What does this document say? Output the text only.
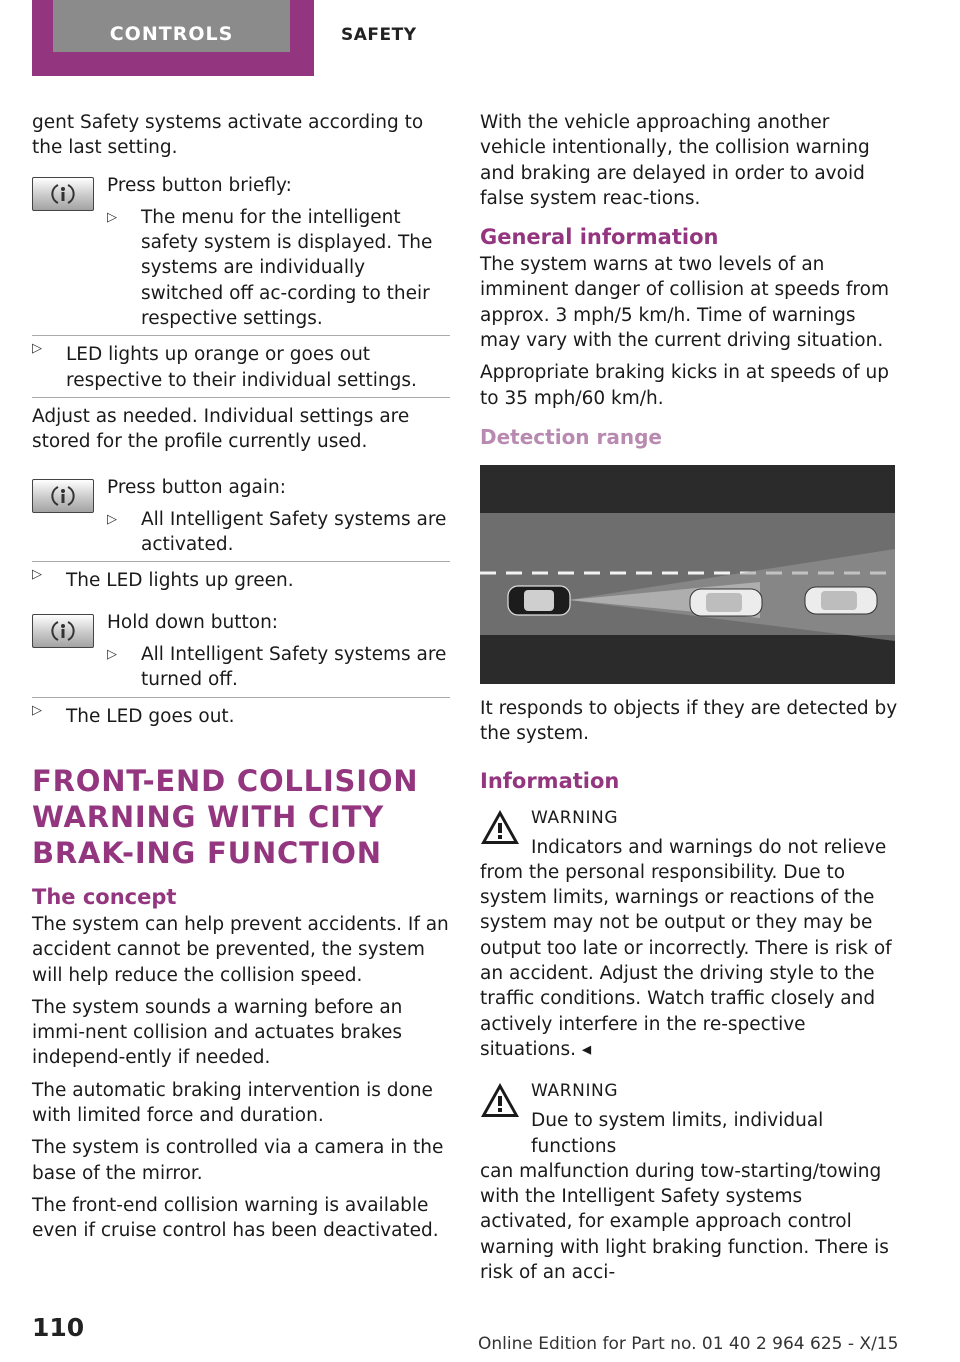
CONTROLS	SAFETY

gent Safety systems activate according to the last setting.

Press button briefly:

▷ The menu for the intelligent safety system is displayed. The systems are individually switched off ac-cording to their respective settings.
▷ LED lights up orange or goes out respective to their individual settings.

Adjust as needed. Individual settings are stored for the profile currently used.

Press button again:

▷ All Intelligent Safety systems are activated.
▷ The LED lights up green.

Hold down button:

▷ All Intelligent Safety systems are turned off.
▷ The LED goes out.
FRONT-END COLLISION WARNING WITH CITY BRAK-ING FUNCTION
The concept

The system can help prevent accidents. If an accident cannot be prevented, the system will help reduce the collision speed.

The system sounds a warning before an immi-nent collision and actuates brakes independ-ently if needed.

The automatic braking intervention is done with limited force and duration.

The system is controlled via a camera in the base of the mirror.

The front-end collision warning is available even if cruise control has been deactivated.

With the vehicle approaching another vehicle intentionally, the collision warning and braking are delayed in order to avoid false system reac-tions.

General information

The system warns at two levels of an imminent danger of collision at speeds from approx. 3 mph/5 km/h. Time of warnings may vary with the current driving situation.

Appropriate braking kicks in at speeds of up to 35 mph/60 km/h.

Detection range

It responds to objects if they are detected by the system.

Information
WARNING
Indicators and warnings do not relieve

from the personal responsibility. Due to system limits, warnings or reactions of the system may not be output or they may be output too late or incorrectly. There is risk of an accident. Adjust the driving style to the traffic conditions. Watch traffic closely and actively interfere in the re-spective situations. ◂

WARNING
Due to system limits, individual functions

can malfunction during tow-starting/towing with the Intelligent Safety systems activated, for example approach control warning with light braking function. There is risk of an acci-

110
Online Edition for Part no. 01 40 2 964 625 - X/15
